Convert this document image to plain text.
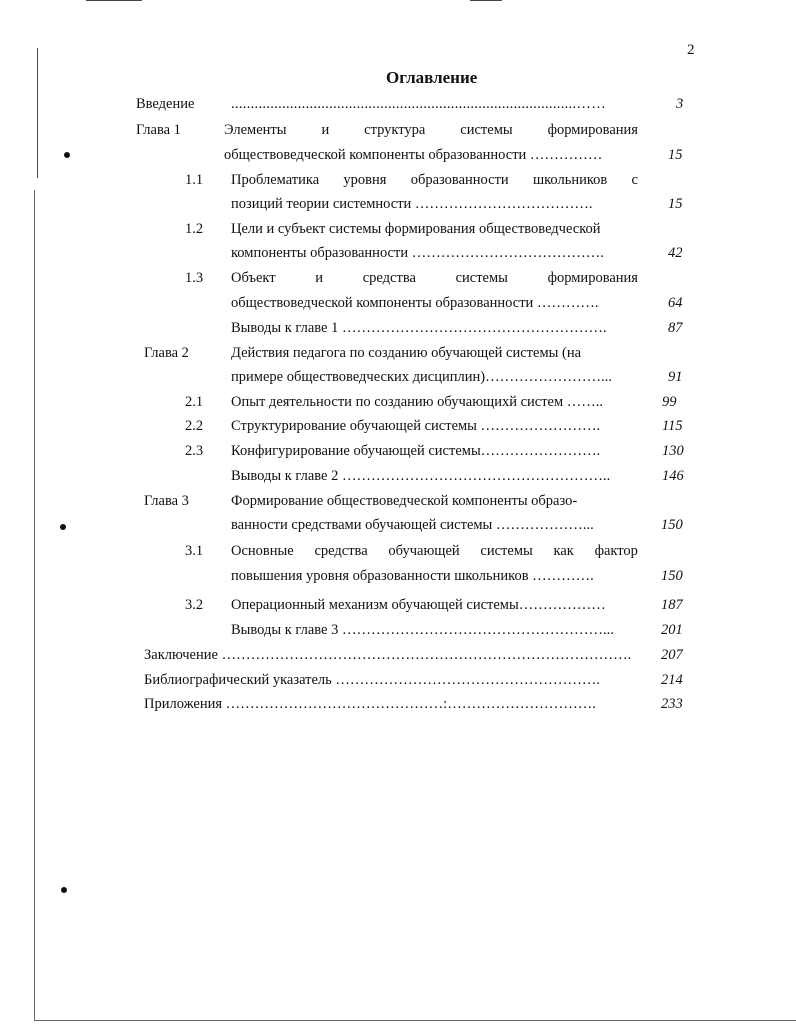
2
Оглавление
Введение	........................................................................................……	3
Глава 1	Элементы и структура системы формирования
обществоведческой компоненты образованности ……………	15
1.1 Проблематика уровня образованности школьников с
позиций теории системности ……………………………….	15
1.2 Цели и субъект системы формирования обществоведческой
компоненты образованности ………………………………….	42
1.3 Объект	и	средства	системы	формирования
обществоведческой компоненты образованности ………….	64
Выводы к главе 1 ……………………………………………….	87
Глава 2	Действия педагога по созданию обучающей системы (на
примере обществоведческих дисциплин)……………………...	91
2.1 Опыт деятельности по созданию обучающихй систем ……..	99
2.2 Структурирование обучающей системы …………………….	115
2.3 Конфигурирование обучающей системы…………………….	130
Выводы к главе 2 ………………………………………………..	146
Глава 3	Формирование обществоведческой компоненты образо-
ванности средствами обучающей системы ………………...	150
3.1 Основные средства обучающей системы как фактор
повышения уровня образованности школьников ………….	150
3.2 Операционный механизм обучающей системы………………	187
Выводы к главе 3 ………………………………………………...	201
Заключение ………………………………………………………………………….	207
Библиографический указатель ……………………………………………….	214
Приложения ………………………………………:………………………….	233
